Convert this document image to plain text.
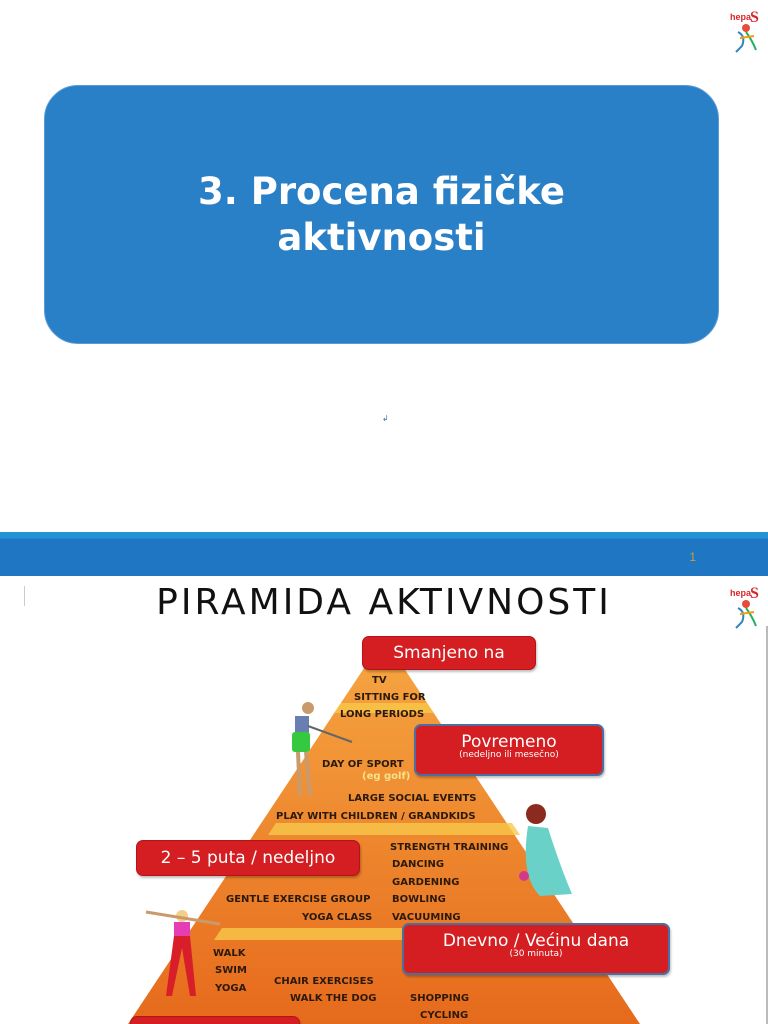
hepa
S
3. Procena fizičke aktivnosti
↲
1
PIRAMIDA AKTIVNOSTI	hepa
S
TV
SITTING FOR
LONG PERIODS
DAY OF SPORT
(eg golf)
LARGE SOCIAL EVENTS
PLAY WITH CHILDREN / GRANDKIDS
STRENGTH TRAINING
DANCING
GARDENING
BOWLING
VACUUMING
GENTLE EXERCISE GROUP
YOGA CLASS
WALK
SWIM
YOGA
CHAIR EXERCISES
WALK THE DOG	SHOPPING
CYCLING
Smanjeno na
Povremeno
(nedeljno ili mesečno)
2 – 5 puta / nedeljno
Dnevno / Većinu dana
(30 minuta)
